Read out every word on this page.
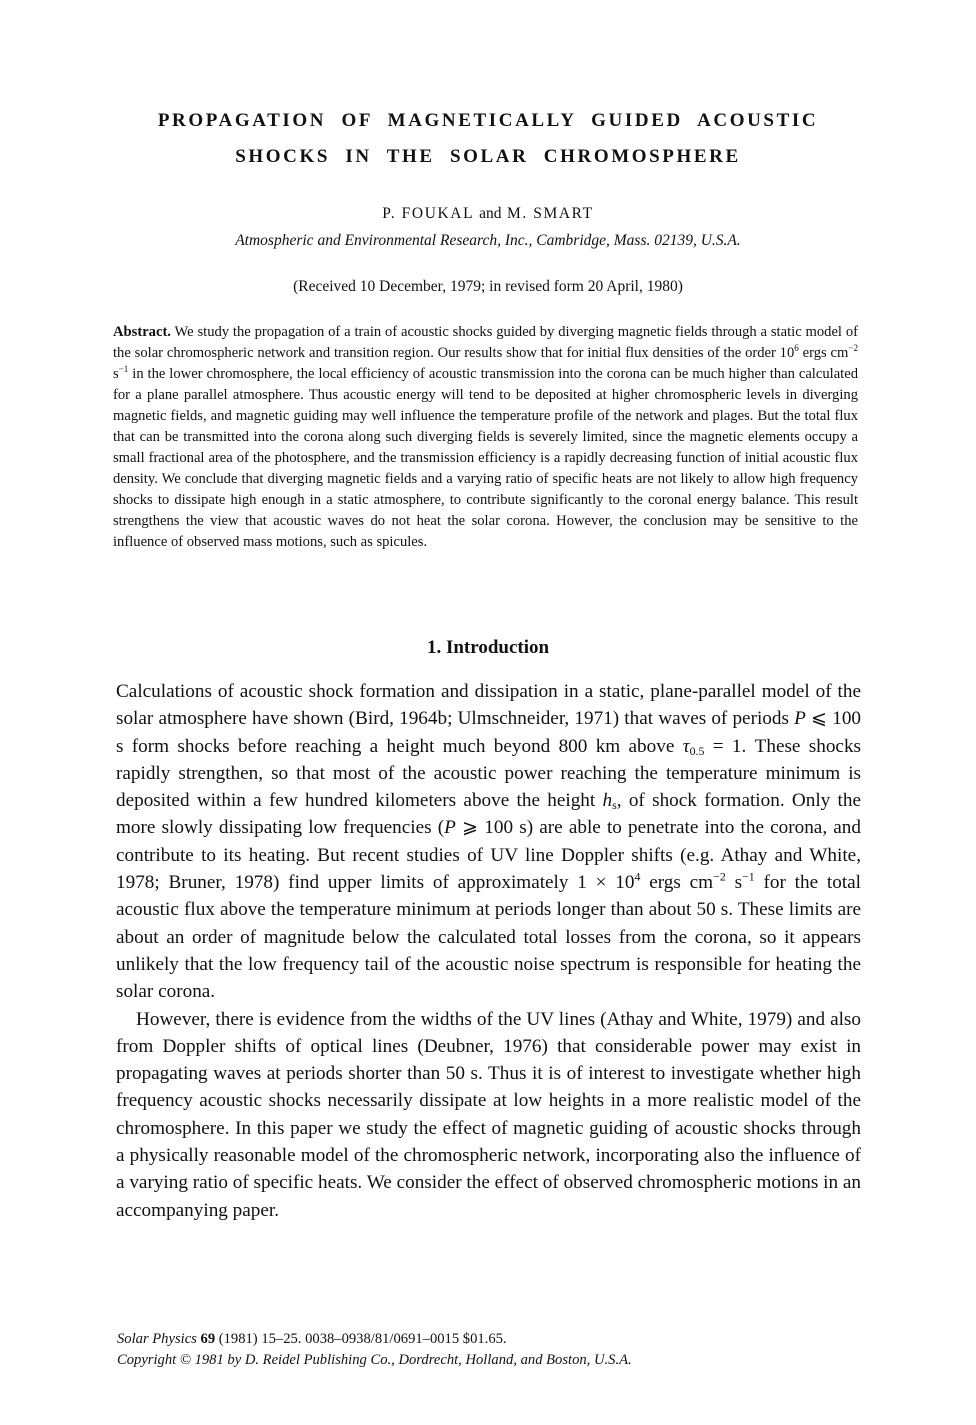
PROPAGATION OF MAGNETICALLY GUIDED ACOUSTIC
SHOCKS IN THE SOLAR CHROMOSPHERE
P. FOUKAL and M. SMART
Atmospheric and Environmental Research, Inc., Cambridge, Mass. 02139, U.S.A.
(Received 10 December, 1979; in revised form 20 April, 1980)
Abstract. We study the propagation of a train of acoustic shocks guided by diverging magnetic fields through a static model of the solar chromospheric network and transition region. Our results show that for initial flux densities of the order $10^6$ ergs $cm^{-2}$ $s^{-1}$ in the lower chromosphere, the local efficiency of acoustic transmission into the corona can be much higher than calculated for a plane parallel atmosphere. Thus acoustic energy will tend to be deposited at higher chromospheric levels in diverging magnetic fields, and magnetic guiding may well influence the temperature profile of the network and plages. But the total flux that can be transmitted into the corona along such diverging fields is severely limited, since the magnetic elements occupy a small fractional area of the photosphere, and the transmission efficiency is a rapidly decreasing function of initial acoustic flux density. We conclude that diverging magnetic fields and a varying ratio of specific heats are not likely to allow high frequency shocks to dissipate high enough in a static atmosphere, to contribute significantly to the coronal energy balance. This result strengthens the view that acoustic waves do not heat the solar corona. However, the conclusion may be sensitive to the influence of observed mass motions, such as spicules.
1. Introduction

Calculations of acoustic shock formation and dissipation in a static, plane-parallel model of the solar atmosphere have shown (Bird, 1964b; Ulmschneider, 1971) that waves of periods P ⩽ 100 s form shocks before reaching a height much beyond 800 km above $\tau_{0.5} = 1$. These shocks rapidly strengthen, so that most of the acoustic power reaching the temperature minimum is deposited within a few hundred kilometers above the height $h_s$, of shock formation. Only the more slowly dissipating low frequencies (P ⩾ 100 s) are able to penetrate into the corona, and contribute to its heating. But recent studies of UV line Doppler shifts (e.g. Athay and White, 1978; Bruner, 1978) find upper limits of approximately $1 \times 10^4$ ergs $cm^{-2}$ $s^{-1}$ for the total acoustic flux above the temperature minimum at periods longer than about 50 s. These limits are about an order of magnitude below the calculated total losses from the corona, so it appears unlikely that the low frequency tail of the acoustic noise spectrum is responsible for heating the solar corona.

However, there is evidence from the widths of the UV lines (Athay and White, 1979) and also from Doppler shifts of optical lines (Deubner, 1976) that considerable power may exist in propagating waves at periods shorter than 50 s. Thus it is of interest to investigate whether high frequency acoustic shocks necessarily dissipate at low heights in a more realistic model of the chromosphere. In this paper we study the effect of magnetic guiding of acoustic shocks through a physically reasonable model of the chromospheric network, incorporating also the influence of a varying ratio of specific heats. We consider the effect of observed chromospheric motions in an accompanying paper.

Solar Physics 69 (1981) 15–25. 0038–0938/81/0691–0015 $01.65.
Copyright © 1981 by D. Reidel Publishing Co., Dordrecht, Holland, and Boston, U.S.A.
